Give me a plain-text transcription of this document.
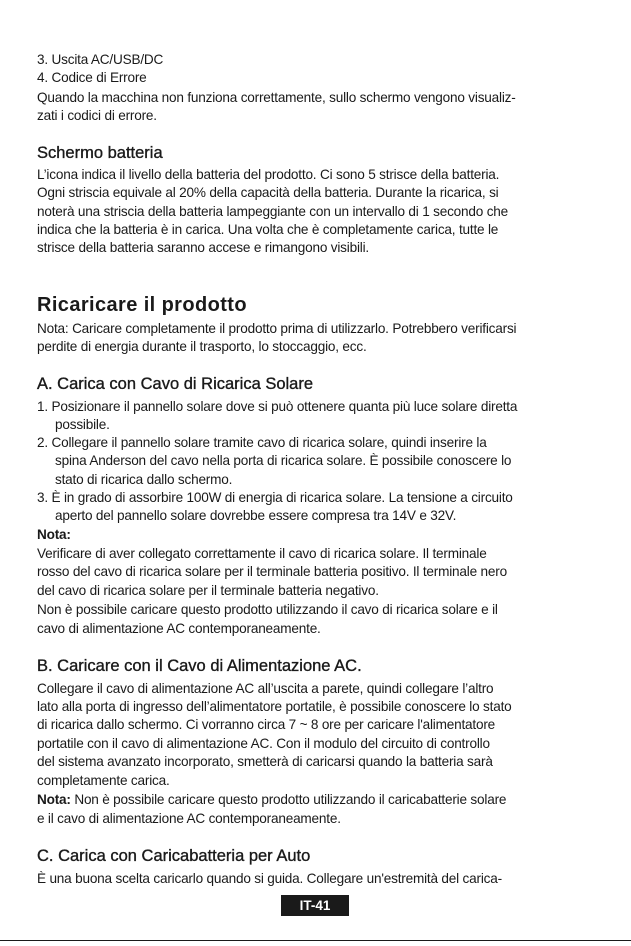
3. Uscita AC/USB/DC
4. Codice di Errore
Quando la macchina non funziona correttamente, sullo schermo vengono visualiz-
zati i codici di errore.
Schermo batteria
L’icona indica il livello della batteria del prodotto. Ci sono 5 strisce della batteria.
Ogni striscia equivale al 20% della capacità della batteria. Durante la ricarica, si
noterà una striscia della batteria lampeggiante con un intervallo di 1 secondo che
indica che la batteria è in carica. Una volta che è completamente carica, tutte le
strisce della batteria saranno accese e rimangono visibili.
Ricaricare il prodotto
Nota: Caricare completamente il prodotto prima di utilizzarlo. Potrebbero verificarsi
perdite di energia durante il trasporto, lo stoccaggio, ecc.
A. Carica con Cavo di Ricarica Solare
1. Posizionare il pannello solare dove si può ottenere quanta più luce solare diretta
possibile.
2. Collegare il pannello solare tramite cavo di ricarica solare, quindi inserire la
spina Anderson del cavo nella porta di ricarica solare. È possibile conoscere lo
stato di ricarica dallo schermo.
3. È in grado di assorbire 100W di energia di ricarica solare. La tensione a circuito
aperto del pannello solare dovrebbe essere compresa tra 14V e 32V.
Nota:
Verificare di aver collegato correttamente il cavo di ricarica solare. Il terminale
rosso del cavo di ricarica solare per il terminale batteria positivo. Il terminale nero
del cavo di ricarica solare per il terminale batteria negativo.
Non è possibile caricare questo prodotto utilizzando il cavo di ricarica solare e il
cavo di alimentazione AC contemporaneamente.
B. Caricare con il Cavo di Alimentazione AC.
Collegare il cavo di alimentazione AC all’uscita a parete, quindi collegare l’altro
lato alla porta di ingresso dell’alimentatore portatile, è possibile conoscere lo stato
di ricarica dallo schermo. Ci vorranno circa 7 ~ 8 ore per caricare l'alimentatore
portatile con il cavo di alimentazione AC. Con il modulo del circuito di controllo
del sistema avanzato incorporato, smetterà di caricarsi quando la batteria sarà
completamente carica.
Nota: Non è possibile caricare questo prodotto utilizzando il caricabatterie solare
e il cavo di alimentazione AC contemporaneamente.
C. Carica con Caricabatteria per Auto
È una buona scelta caricarlo quando si guida. Collegare un'estremità del carica-
IT-41
